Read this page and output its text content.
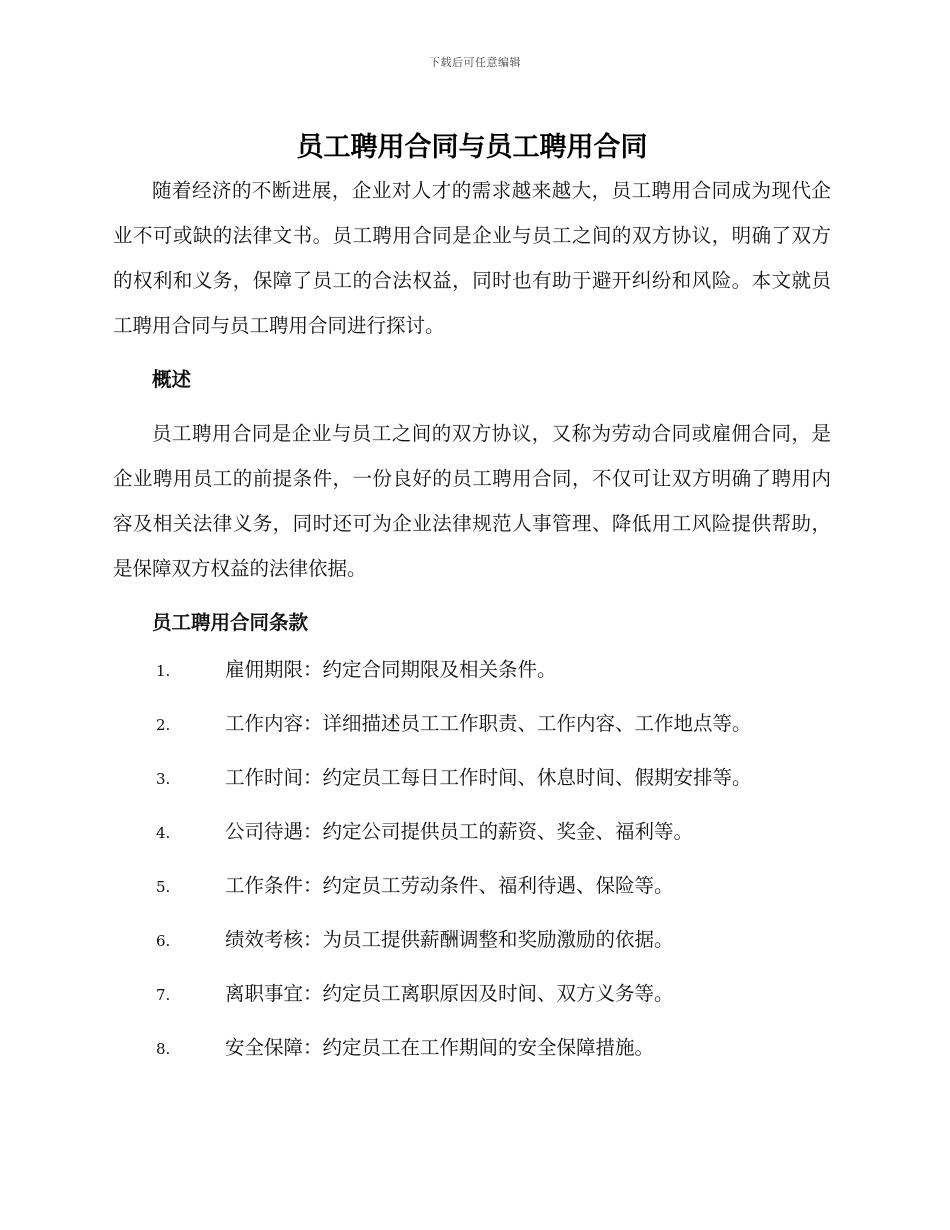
下载后可任意编辑
员工聘用合同与员工聘用合同

随着经济的不断进展，企业对人才的需求越来越大，员工聘用合同成为现代企业不可或缺的法律文书。员工聘用合同是企业与员工之间的双方协议，明确了双方的权利和义务，保障了员工的合法权益，同时也有助于避开纠纷和风险。本文就员工聘用合同与员工聘用合同进行探讨。

概述

员工聘用合同是企业与员工之间的双方协议，又称为劳动合同或雇佣合同，是企业聘用员工的前提条件，一份良好的员工聘用合同，不仅可让双方明确了聘用内容及相关法律义务，同时还可为企业法律规范人事管理、降低用工风险提供帮助，是保障双方权益的法律依据。

员工聘用合同条款
1.	雇佣期限：约定合同期限及相关条件。
2.	工作内容：详细描述员工工作职责、工作内容、工作地点等。
3.	工作时间：约定员工每日工作时间、休息时间、假期安排等。
4.	公司待遇：约定公司提供员工的薪资、奖金、福利等。
5.	工作条件：约定员工劳动条件、福利待遇、保险等。
6.	绩效考核：为员工提供薪酬调整和奖励激励的依据。
7.	离职事宜：约定员工离职原因及时间、双方义务等。
8.	安全保障：约定员工在工作期间的安全保障措施。
